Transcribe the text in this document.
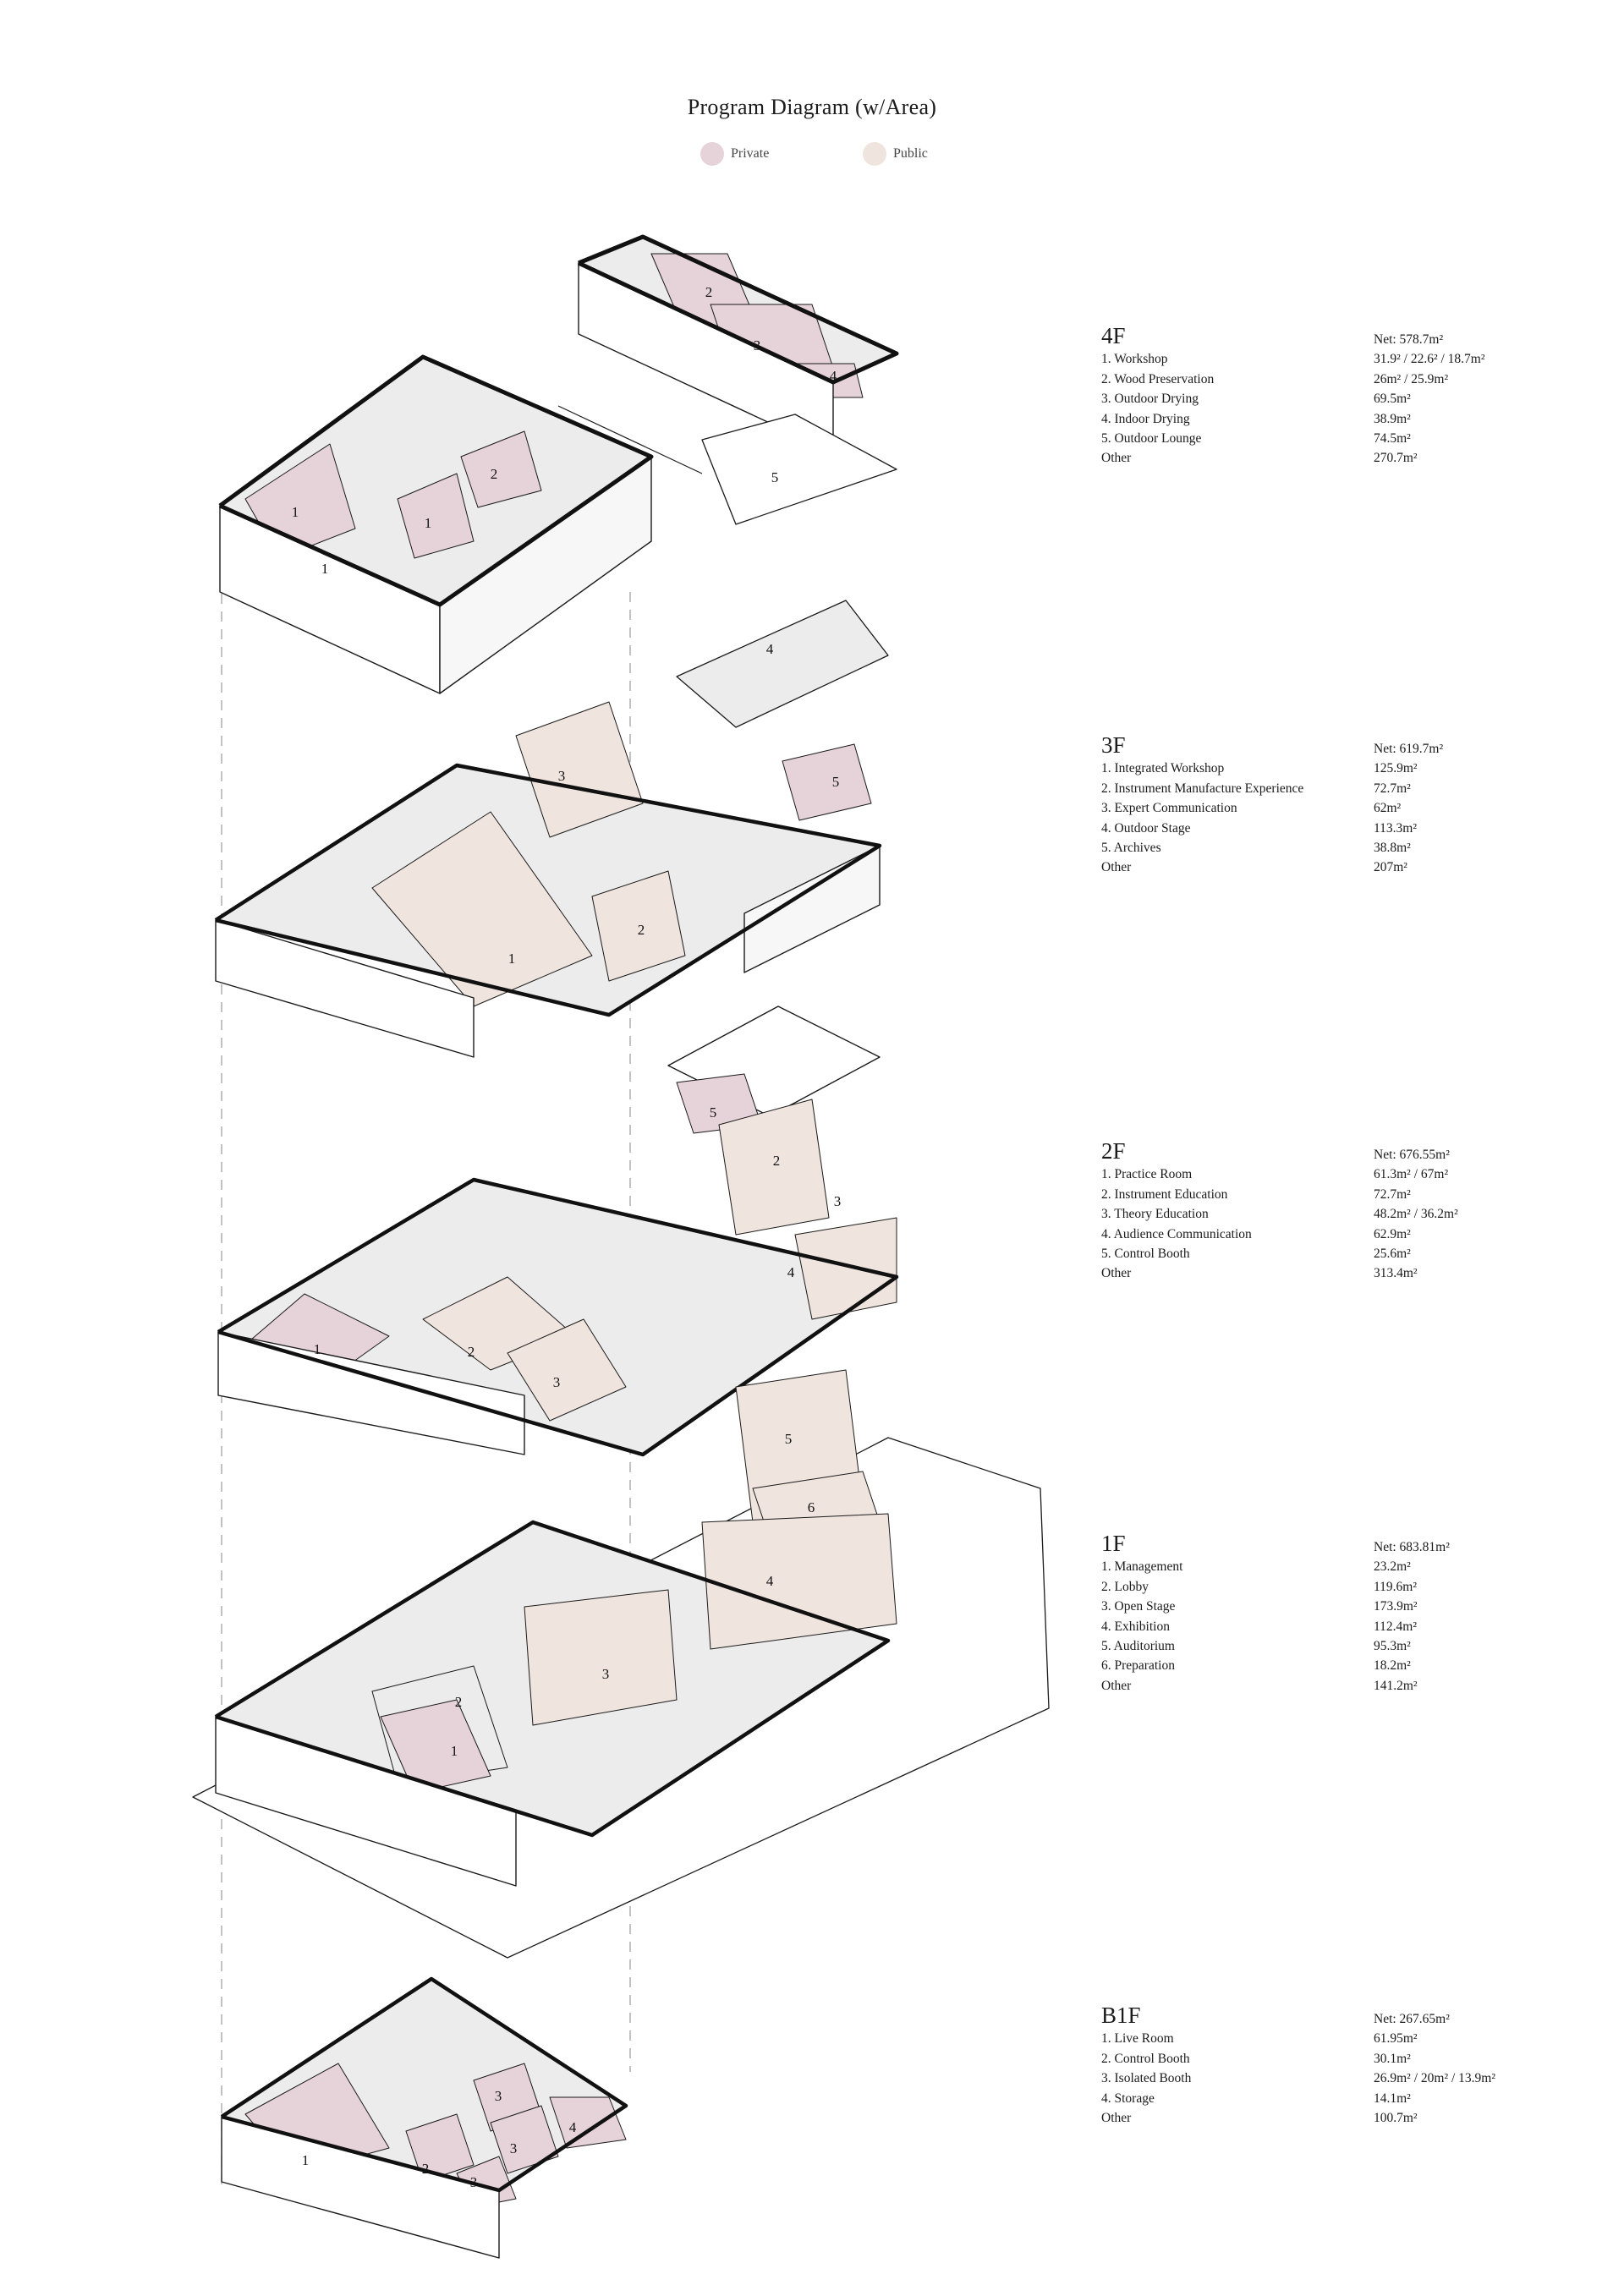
Program Diagram (w/Area)
Private	Public
2
3
4
2
1
1
1
5
4
3	5
2
1
5
2
3
4
1	2
3
5
6
4
3
2
1
3
3
4
3
2
1
4F	Net: 578.7m²
1. Workshop	31.9² / 22.6² / 18.7m²
2. Wood Preservation	26m² / 25.9m²
3. Outdoor Drying	69.5m²
4. Indoor Drying	38.9m²
5. Outdoor Lounge	74.5m²
Other	270.7m²
3F	Net: 619.7m²
1. Integrated Workshop	125.9m²
2. Instrument Manufacture Experience	72.7m²
3. Expert Communication	62m²
4. Outdoor Stage	113.3m²
5. Archives	38.8m²
Other	207m²
2F	Net: 676.55m²
1. Practice Room	61.3m² / 67m²
2. Instrument Education	72.7m²
3. Theory Education	48.2m² / 36.2m²
4. Audience Communication	62.9m²
5. Control Booth	25.6m²
Other	313.4m²
1F	Net: 683.81m²
1. Management	23.2m²
2. Lobby	119.6m²
3. Open Stage	173.9m²
4. Exhibition	112.4m²
5. Auditorium	95.3m²
6. Preparation	18.2m²
Other	141.2m²
B1F	Net: 267.65m²
1. Live Room	61.95m²
2. Control Booth	30.1m²
3. Isolated Booth	26.9m² / 20m² / 13.9m²
4. Storage	14.1m²
Other	100.7m²
